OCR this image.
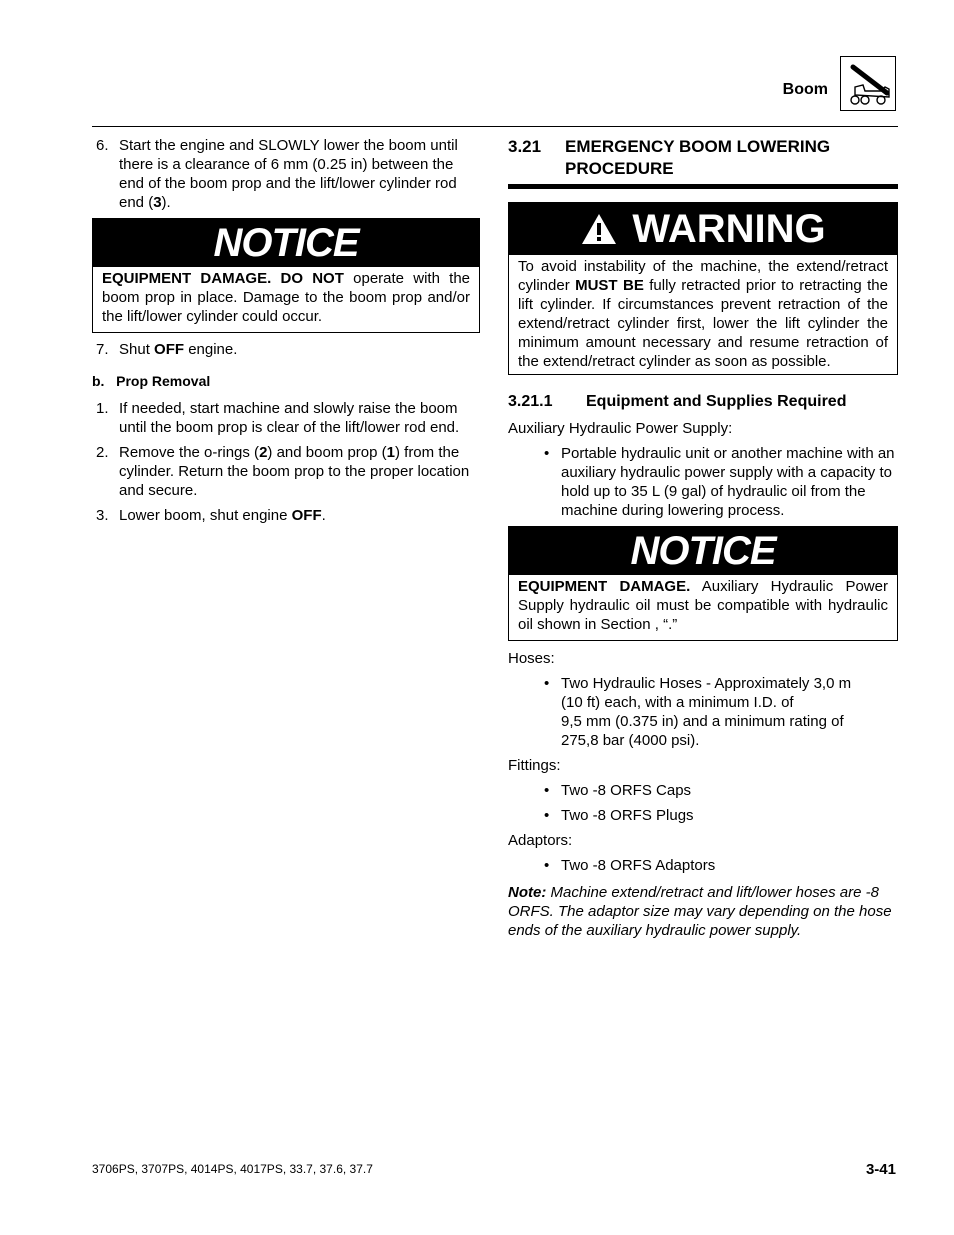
Boom
6. Start the engine and SLOWLY lower the boom until there is a clearance of 6 mm (0.25 in) between the end of the boom prop and the lift/lower cylinder rod end (3).
NOTICE
EQUIPMENT DAMAGE. DO NOT operate with the boom prop in place. Damage to the boom prop and/or the lift/lower cylinder could occur.
7. Shut OFF engine.

b.   Prop Removal

1. If needed, start machine and slowly raise the boom until the boom prop is clear of the lift/lower rod end.
2. Remove the o-rings (2) and boom prop (1) from the cylinder. Return the boom prop to the proper location and secure.
3. Lower boom, shut engine OFF.
3.21	EMERGENCY BOOM LOWERING PROCEDURE
WARNING
To avoid instability of the machine, the extend/retract cylinder MUST BE fully retracted prior to retracting the lift cylinder. If circumstances prevent retraction of the extend/retract cylinder first, lower the lift cylinder the minimum amount necessary and resume retraction of the extend/retract cylinder as soon as possible.
3.21.1	Equipment and Supplies Required
Auxiliary Hydraulic Power Supply:
• Portable hydraulic unit or another machine with an auxiliary hydraulic power supply with a capacity to hold up to 35 L (9 gal) of hydraulic oil from the machine during lowering process.
NOTICE
EQUIPMENT DAMAGE. Auxiliary Hydraulic Power Supply hydraulic oil must be compatible with hydraulic oil shown in Section , “.”
Hoses:
• Two Hydraulic Hoses - Approximately 3,0 m
(10 ft) each, with a minimum I.D. of
9,5 mm (0.375 in) and a minimum rating of
275,8 bar (4000 psi).
Fittings:
• Two -8 ORFS Caps
• Two -8 ORFS Plugs
Adaptors:
• Two -8 ORFS Adaptors
Note: Machine extend/retract and lift/lower hoses are -8 ORFS. The adaptor size may vary depending on the hose ends of the auxiliary hydraulic power supply.
3706PS, 3707PS, 4014PS, 4017PS, 33.7, 37.6, 37.7	3-41
